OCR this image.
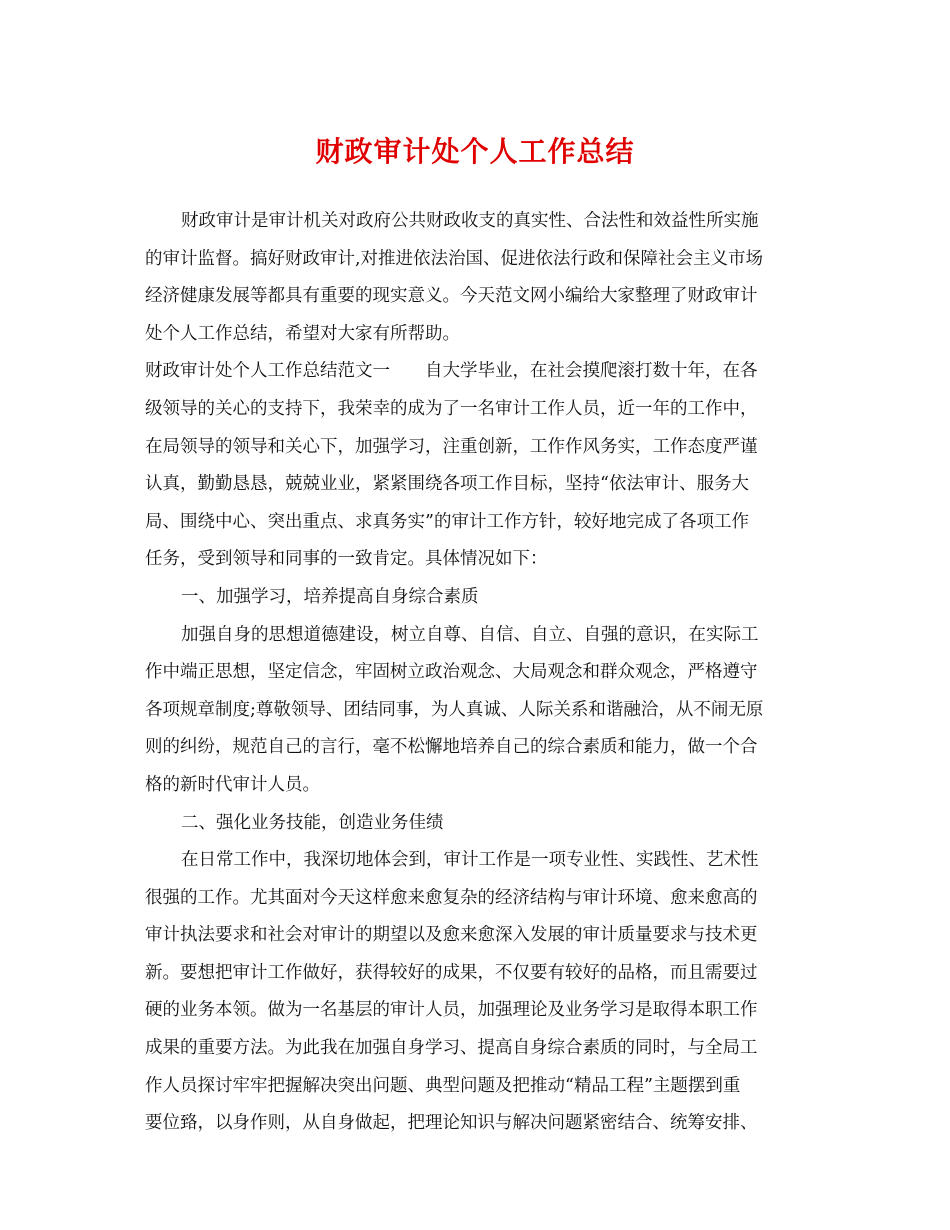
财政审计处个人工作总结
财政审计是审计机关对政府公共财政收支的真实性、合法性和效益性所实施
的审计监督。搞好财政审计,对推进依法治国、促进依法行政和保障社会主义市场
经济健康发展等都具有重要的现实意义。今天范文网小编给大家整理了财政审计
处个人工作总结，希望对大家有所帮助。
财政审计处个人工作总结范文一　　自大学毕业，在社会摸爬滚打数十年，在各
级领导的关心的支持下，我荣幸的成为了一名审计工作人员，近一年的工作中，
在局领导的领导和关心下，加强学习，注重创新，工作作风务实，工作态度严谨
认真，勤勤恳恳，兢兢业业，紧紧围绕各项工作目标，坚持“依法审计、服务大
局、围绕中心、突出重点、求真务实”的审计工作方针，较好地完成了各项工作
任务，受到领导和同事的一致肯定。具体情况如下：
一、加强学习，培养提高自身综合素质
加强自身的思想道德建设，树立自尊、自信、自立、自强的意识，在实际工
作中端正思想，坚定信念，牢固树立政治观念、大局观念和群众观念，严格遵守
各项规章制度;尊敬领导、团结同事，为人真诚、人际关系和谐融洽，从不闹无原
则的纠纷，规范自己的言行，毫不松懈地培养自己的综合素质和能力，做一个合
格的新时代审计人员。
二、强化业务技能，创造业务佳绩
在日常工作中，我深切地体会到，审计工作是一项专业性、实践性、艺术性
很强的工作。尤其面对今天这样愈来愈复杂的经济结构与审计环境、愈来愈高的
审计执法要求和社会对审计的期望以及愈来愈深入发展的审计质量要求与技术更
新。要想把审计工作做好，获得较好的成果，不仅要有较好的品格，而且需要过
硬的业务本领。做为一名基层的审计人员，加强理论及业务学习是取得本职工作
成果的重要方法。为此我在加强自身学习、提高自身综合素质的同时，与全局工
作人员探讨牢牢把握解决突出问题、典型问题及把推动“精品工程”主题摆到重
要位臵，以身作则，从自身做起，把理论知识与解决问题紧密结合、统筹安排、
